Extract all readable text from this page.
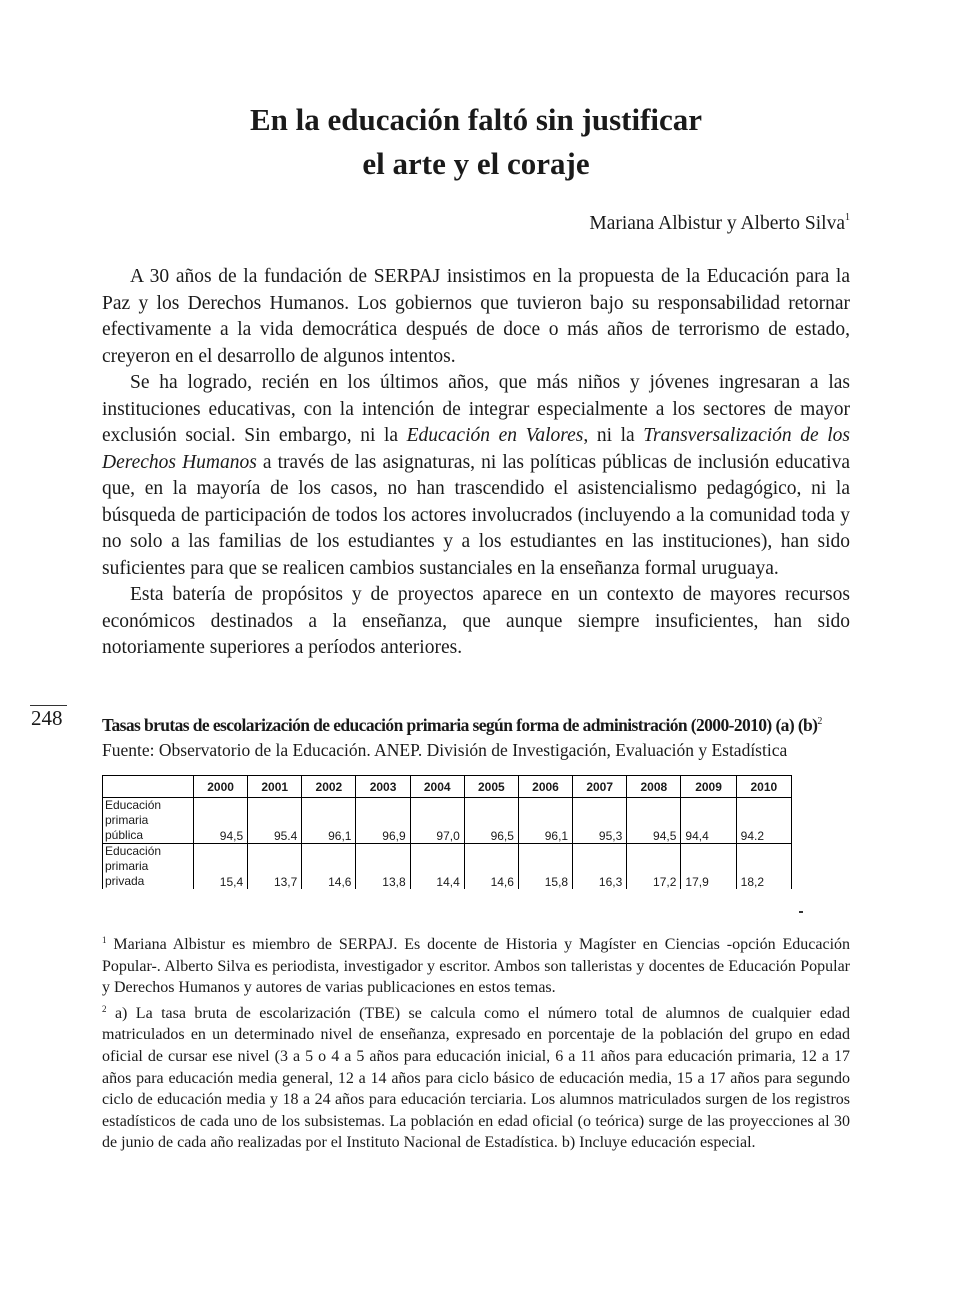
En la educación faltó sin justificar
el arte y el coraje
Mariana Albistur y Alberto Silva$^1$

A 30 años de la fundación de SERPAJ insistimos en la propuesta de la Educación para la Paz y los Derechos Humanos. Los gobiernos que tuvieron bajo su responsabilidad retornar efectivamente a la vida democrática después de doce o más años de terrorismo de estado, creyeron en el desarrollo de algunos intentos.

Se ha logrado, recién en los últimos años, que más niños y jóvenes ingresaran a las instituciones educativas, con la intención de integrar especialmente a los sectores de mayor exclusión social. Sin embargo, ni la Educación en Valores, ni la Transversalización de los Derechos Humanos a través de las asignaturas, ni las políticas públicas de inclusión educativa que, en la mayoría de los casos, no han trascendido el asistencialismo pedagógico, ni la búsqueda de participación de todos los actores involucrados (incluyendo a la comunidad toda y no solo a las familias de los estudiantes y a los estudiantes en las instituciones), han sido suficientes para que se realicen cambios sustanciales en la enseñanza formal uruguaya.

Esta batería de propósitos y de proyectos aparece en un contexto de mayores recursos económicos destinados a la enseñanza, que aunque siempre insuficientes, han sido notoriamente superiores a períodos anteriores.

248 Tasas brutas de escolarización de educación primaria según forma de administración (2000-2010) (a) $(b)^2$
Fuente: Observatorio de la Educación. ANEP. División de Investigación, Evaluación y Estadística
	2000	2001	2002	2003	2004	2005	2006	2007	2008	2009	2010

Educación
primaria
pública	94,5	95.4	96,1	96,9	97,0	96,5	96,1	95,3	94,5	94,4	94.2

Educación
primaria
privada	15,4	13,7	14,6	13,8	14,4	14,6	15,8	16,3	17,2	17,9	18,2

$^1$ Mariana Albistur es miembro de SERPAJ. Es docente de Historia y Magíster en Ciencias -opción Educación Popular-. Alberto Silva es periodista, investigador y escritor. Ambos son talleristas y docentes de Educación Popular y Derechos Humanos y autores de varias publicaciones en estos temas.

$^2$ a) La tasa bruta de escolarización (TBE) se calcula como el número total de alumnos de cualquier edad matriculados en un determinado nivel de enseñanza, expresado en porcentaje de la población del grupo en edad oficial de cursar ese nivel (3 a 5 o 4 a 5 años para educación inicial, 6 a 11 años para educación primaria, 12 a 17 años para educación media general, 12 a 14 años para ciclo básico de educación media, 15 a 17 años para segundo ciclo de educación media y 18 a 24 años para educación terciaria. Los alumnos matriculados surgen de los registros estadísticos de cada uno de los subsistemas. La población en edad oficial (o teórica) surge de las proyecciones al 30 de junio de cada año realizadas por el Instituto Nacional de Estadística. b) Incluye educación especial.
